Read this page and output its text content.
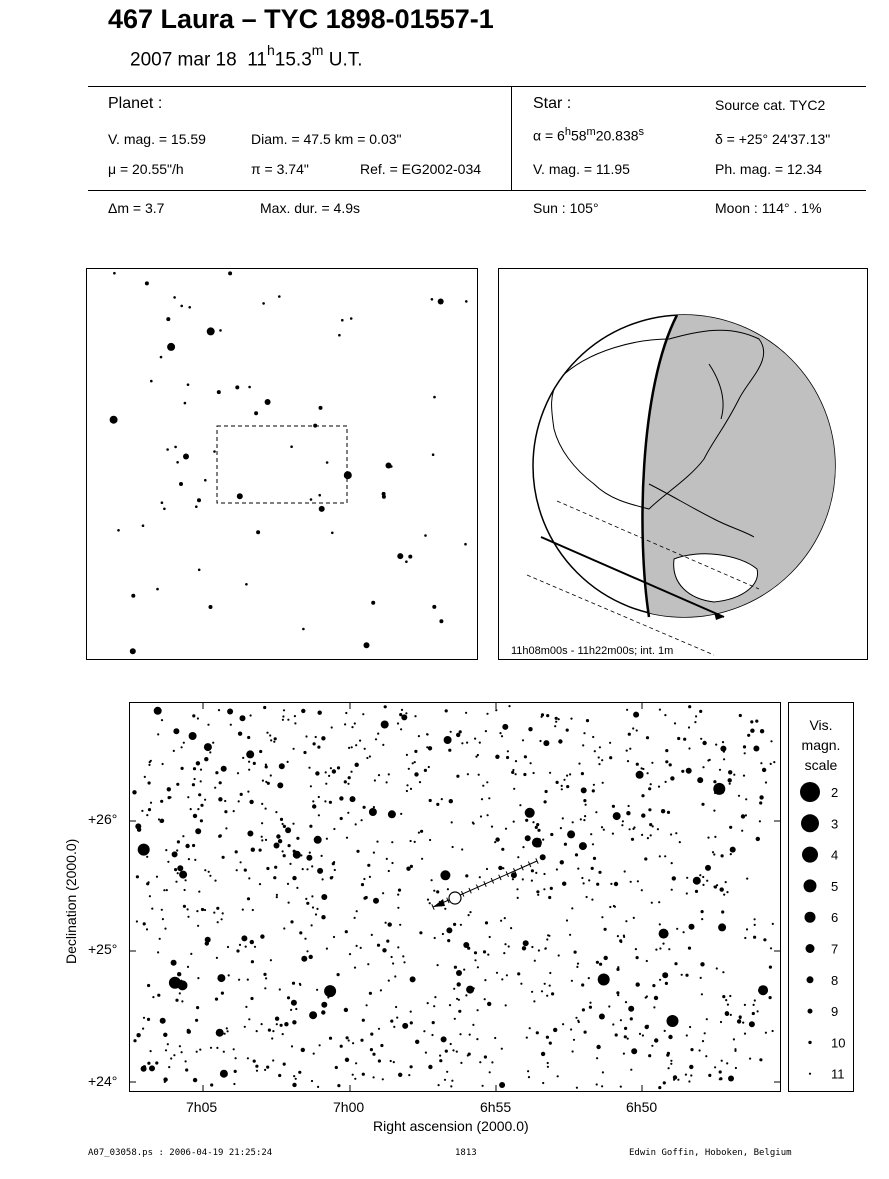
467 Laura – TYC 1898-01557-1
2007 mar 18 11$^h$15.3$^m$ U.T.
Planet :
V. mag. = 15.59	Diam. = 47.5 km = 0.03"
μ = 20.55"/h	π = 3.74"	Ref. = EG2002-034
Star :	Source cat. TYC2
$\alpha = 6^h58^m20.838^s$	δ = +25° 24'37.13"
V. mag. = 11.95	Ph. mag. = 12.34
Δm = 3.7	Max. dur. = 4.9s	Sun : 105°	Moon : 114° . 1%
11h08m00s - 11h22m00s; int. 1m
+26°
+25°
+24°
7h05	7h00	6h55	6h50
Right ascension (2000.0)
Declination (2000.0)
Vis.
magn.
scale
2
3
4
5
6
7
8
9
10
11
A07_03058.ps : 2006-04-19 21:25:24	1813	Edwin Goffin, Hoboken, Belgium
